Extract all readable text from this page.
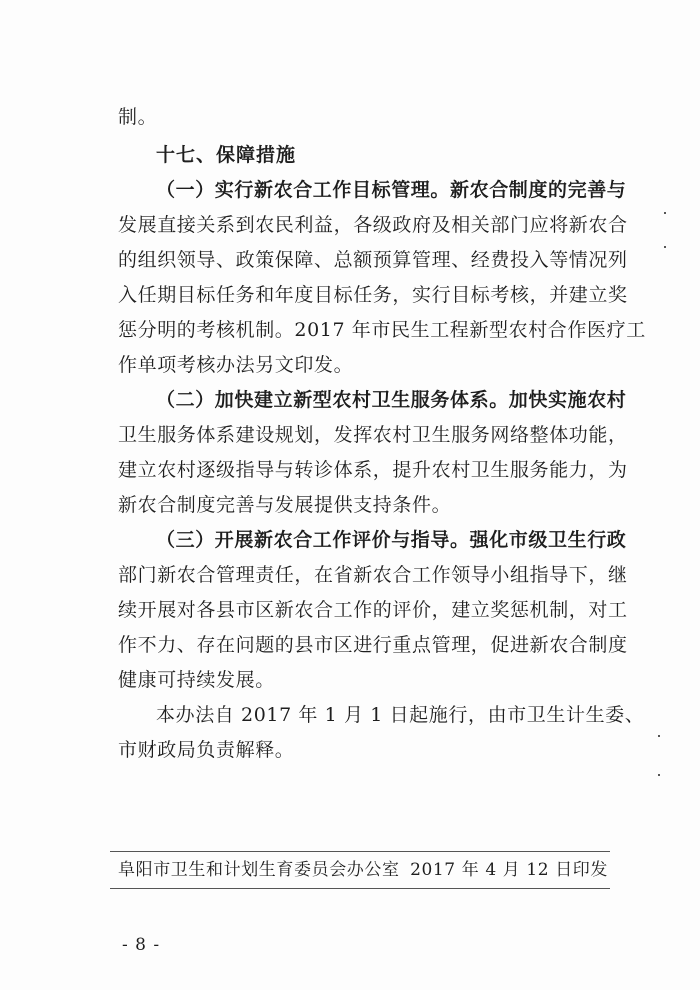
制。
十七、保障措施
（一）实行新农合工作目标管理。新农合制度的完善与
发展直接关系到农民利益，各级政府及相关部门应将新农合
的组织领导、政策保障、总额预算管理、经费投入等情况列
入任期目标任务和年度目标任务，实行目标考核，并建立奖
惩分明的考核机制。2017 年市民生工程新型农村合作医疗工
作单项考核办法另文印发。
（二）加快建立新型农村卫生服务体系。加快实施农村
卫生服务体系建设规划，发挥农村卫生服务网络整体功能，
建立农村逐级指导与转诊体系，提升农村卫生服务能力，为
新农合制度完善与发展提供支持条件。
（三）开展新农合工作评价与指导。强化市级卫生行政
部门新农合管理责任，在省新农合工作领导小组指导下，继
续开展对各县市区新农合工作的评价，建立奖惩机制，对工
作不力、存在问题的县市区进行重点管理，促进新农合制度
健康可持续发展。
本办法自 2017 年 1 月 1 日起施行，由市卫生计生委、
市财政局负责解释。
阜阳市卫生和计划生育委员会办公室 2017 年 4 月 12 日印发
- 8 -
